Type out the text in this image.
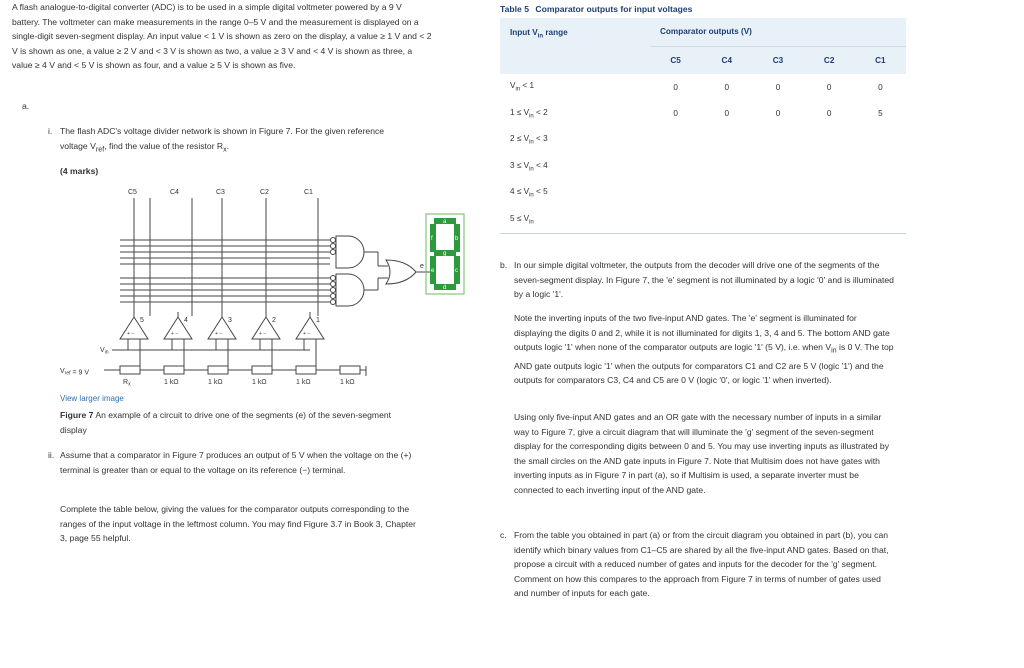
A flash analogue-to-digital converter (ADC) is to be used in a simple digital voltmeter powered by a 9 V battery. The voltmeter can make measurements in the range 0–5 V and the measurement is displayed on a single-digit seven-segment display. An input value < 1 V is shown as zero on the display, a value ≥ 1 V and < 2 V is shown as one, a value ≥ 2 V and < 3 V is shown as two, a value ≥ 3 V and < 4 V is shown as three, a value ≥ 4 V and < 5 V is shown as four, and a value ≥ 5 V is shown as five.
a.
i. The flash ADC's voltage divider network is shown in Figure 7. For the given reference voltage $V_{ref}$, find the value of the resistor $R_x$.
(4 marks)
a
b
c
d
e
f
g
C5	C4	C3	C2	C1
5	4	3	2	1
+ −	+ −	+ −	+ −	+ −
$V_{in}$
$V_{ref} = 9$ V
$R_x$	1 kΩ	1 kΩ	1 kΩ	1 kΩ	1 kΩ
e
View larger image
Figure 7 An example of a circuit to drive one of the segments (e) of the seven-segment display
ii. Assume that a comparator in Figure 7 produces an output of 5 V when the voltage on the (+) terminal is greater than or equal to the voltage on its reference (−) terminal.
Complete the table below, giving the values for the comparator outputs corresponding to the ranges of the input voltage in the leftmost column. You may find Figure 3.7 in Book 3, Chapter 3, page 55 helpful.
Table 5 Comparator outputs for input voltages
Input $V_{in}$ range	Comparator outputs (V)				
	C5	C4	C3	C2	C1
$V_{in} < 1$	0	0	0	0	0
$1 \le V_{in} < 2$	0	0	0	0	5
$2 \le V_{in} < 3$					
$3 \le V_{in} < 4$					
$4 \le V_{in} < 5$					
$5 \le V_{in}$					
b. In our simple digital voltmeter, the outputs from the decoder will drive one of the segments of the seven-segment display. In Figure 7, the 'e' segment is not illuminated by a logic '0' and is illuminated by a logic '1'.
Note the inverting inputs of the two five-input AND gates. The 'e' segment is illuminated for displaying the digits 0 and 2, while it is not illuminated for digits 1, 3, 4 and 5. The bottom AND gate outputs logic '1' when none of the comparator outputs are logic '1' (5 V), i.e. when $V_{in}$ is 0 V. The top AND gate outputs logic '1' when the outputs for comparators C1 and C2 are 5 V (logic '1') and the outputs for comparators C3, C4 and C5 are 0 V (logic '0', or logic '1' when inverted).
Using only five-input AND gates and an OR gate with the necessary number of inputs in a similar way to Figure 7, give a circuit diagram that will illuminate the 'g' segment of the seven-segment display for the corresponding digits between 0 and 5. You may use inverting inputs as illustrated by the small circles on the AND gate inputs in Figure 7. Note that Multisim does not have gates with inverting inputs as in Figure 7 in part (a), so if Multisim is used, a separate inverter must be connected to each inverting input of the AND gate.
c. From the table you obtained in part (a) or from the circuit diagram you obtained in part (b), you can identify which binary values from C1–C5 are shared by all the five-input AND gates. Based on that, propose a circuit with a reduced number of gates and inputs for the decoder for the 'g' segment. Comment on how this compares to the approach from Figure 7 in terms of number of gates used and number of inputs for each gate.
